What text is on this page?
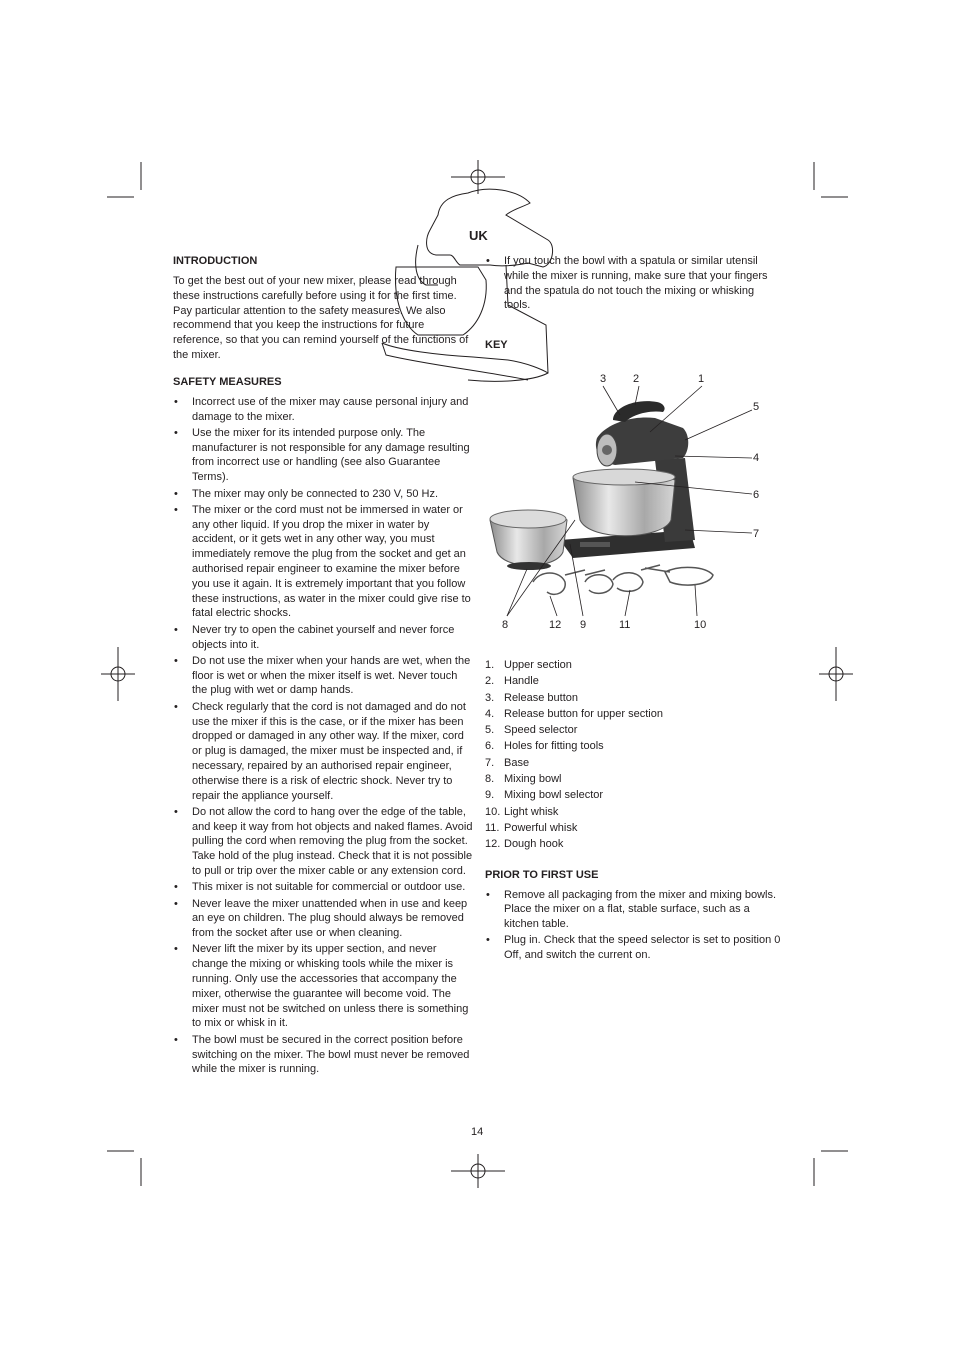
UK
INTRODUCTION

To get the best out of your new mixer, please read through these instructions carefully before using it for the first time. Pay particular attention to the safety measures. We also recommend that you keep the instructions for future reference, so that you can remind yourself of the functions of the mixer.

SAFETY MEASURES
• Incorrect use of the mixer may cause personal injury and damage to the mixer.
• Use the mixer for its intended purpose only. The manufacturer is not responsible for any damage resulting from incorrect use or handling (see also Guarantee Terms).
• The mixer may only be connected to 230 V, 50 Hz.
• The mixer or the cord must not be immersed in water or any other liquid. If you drop the mixer in water by accident, or it gets wet in any other way, you must immediately remove the plug from the socket and get an authorised repair engineer to examine the mixer before you use it again. It is extremely important that you follow these instructions, as water in the mixer could give rise to fatal electric shocks.
• Never try to open the cabinet yourself and never force objects into it.
• Do not use the mixer when your hands are wet, when the floor is wet or when the mixer itself is wet. Never touch the plug with wet or damp hands.
• Check regularly that the cord is not damaged and do not use the mixer if this is the case, or if the mixer has been dropped or damaged in any other way. If the mixer, cord or plug is damaged, the mixer must be inspected and, if necessary, repaired by an authorised repair engineer, otherwise there is a risk of electric shock. Never try to repair the appliance yourself.
• Do not allow the cord to hang over the edge of the table, and keep it way from hot objects and naked flames. Avoid pulling the cord when removing the plug from the socket. Take hold of the plug instead. Check that it is not possible to pull or trip over the mixer cable or any extension cord.
• This mixer is not suitable for commercial or outdoor use.
• Never leave the mixer unattended when in use and keep an eye on children. The plug should always be removed from the socket after use or when cleaning.
• Never lift the mixer by its upper section, and never change the mixing or whisking tools while the mixer is running. Only use the accessories that accompany the mixer, otherwise the guarantee will become void. The mixer must not be switched on unless there is something to mix or whisk in it.
• The bowl must be secured in the correct position before switching on the mixer. The bowl must never be removed while the mixer is running.
• If you touch the bowl with a spatula or similar utensil while the mixer is running, make sure that your fingers and the spatula do not touch the mixing or whisking tools.
KEY
3 2	1
5
4
6
7
8	12 9	11	10
1. Upper section
2. Handle
3. Release button
4. Release button for upper section
5. Speed selector
6. Holes for fitting tools
7. Base
8. Mixing bowl
9. Mixing bowl selector
10. Light whisk
11. Powerful whisk
12. Dough hook
PRIOR TO FIRST USE
• Remove all packaging from the mixer and mixing bowls. Place the mixer on a flat, stable surface, such as a kitchen table.
• Plug in. Check that the speed selector is set to position 0 Off, and switch the current on.
14
